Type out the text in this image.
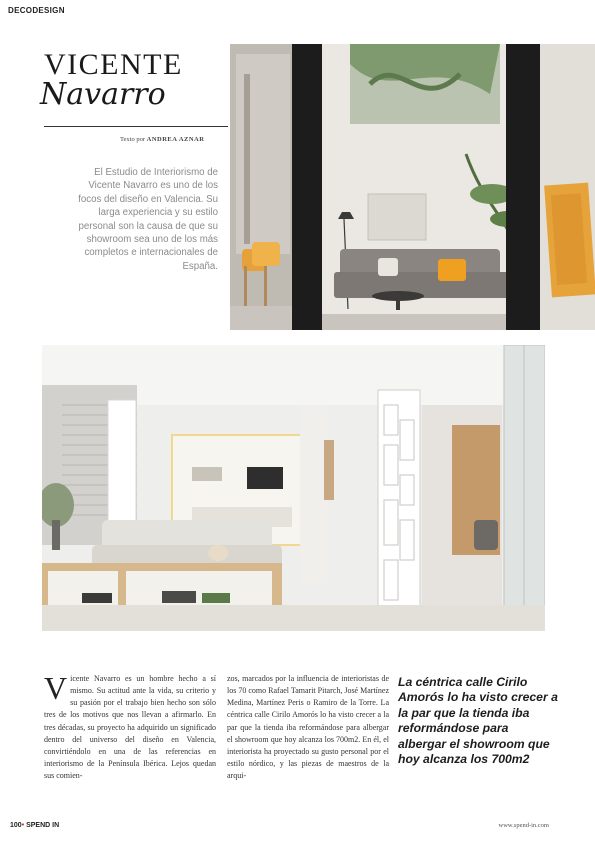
DECODESIGN
VICENTE
Navarro
Texto por ANDREA AZNAR
El Estudio de Interiorismo de Vicente Navarro es uno de los focos del diseño en Valencia. Su larga experiencia y su estilo personal son la causa de que su showroom sea uno de los más completos e internacionales de España.
Vicente Navarro es un hombre hecho a sí mismo. Su actitud ante la vida, su criterio y su pasión por el trabajo bien hecho son sólo tres de los motivos que nos llevan a afirmarlo. En tres décadas, su proyecto ha adquirido un significado dentro del universo del diseño en Valencia, convirtiéndolo en una de las referencias en interiorismo de la Península Ibérica. Lejos quedan sus comien-
zos, marcados por la influencia de interioristas de los 70 como Rafael Tamarit Pitarch, José Martínez Medina, Martínez Peris o Ramiro de la Torre. La céntrica calle Cirilo Amorós lo ha visto crecer a la par que la tienda iba reformándose para albergar el showroom que hoy alcanza los 700m2. En él, el interiorista ha proyectado su gusto personal por el estilo nórdico, y las piezas de maestros de la arqui-
La céntrica calle Cirilo Amorós lo ha visto crecer a la par que la tienda iba reformándose para albergar el showroom que hoy alcanza los 700m2
100• SPEND IN	www.spend-in.com
